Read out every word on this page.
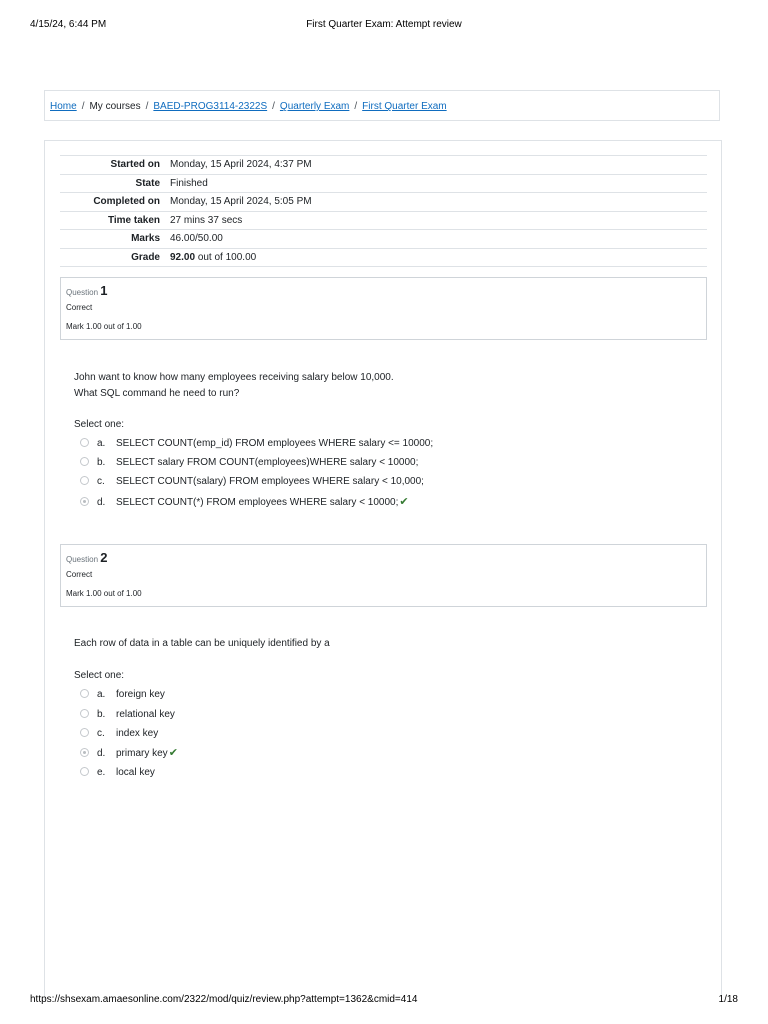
4/15/24, 6:44 PM	First Quarter Exam: Attempt review
Home / My courses / BAED-PROG3114-2322S / Quarterly Exam / First Quarter Exam
Started on	Monday, 15 April 2024, 4:37 PM
State	Finished
Completed on	Monday, 15 April 2024, 5:05 PM
Time taken	27 mins 37 secs
Marks	46.00/50.00
Grade	92.00 out of 100.00
Question 1
Correct
Mark 1.00 out of 1.00
John want to know how many employees receiving salary below 10,000.
What SQL command he need to run?
Select one:
a. SELECT COUNT(emp_id) FROM employees WHERE salary <= 10000;
b. SELECT salary FROM COUNT(employees)WHERE salary < 10000;
c. SELECT COUNT(salary) FROM employees WHERE salary < 10,000;
d. SELECT COUNT(*) FROM employees WHERE salary < 10000;✔
Question 2
Correct
Mark 1.00 out of 1.00
Each row of data in a table can be uniquely identified by a
Select one:
a. foreign key
b. relational key
c. index key
d. primary key✔
e. local key
https://shsexam.amaesonline.com/2322/mod/quiz/review.php?attempt=1362&cmid=414	1/18
